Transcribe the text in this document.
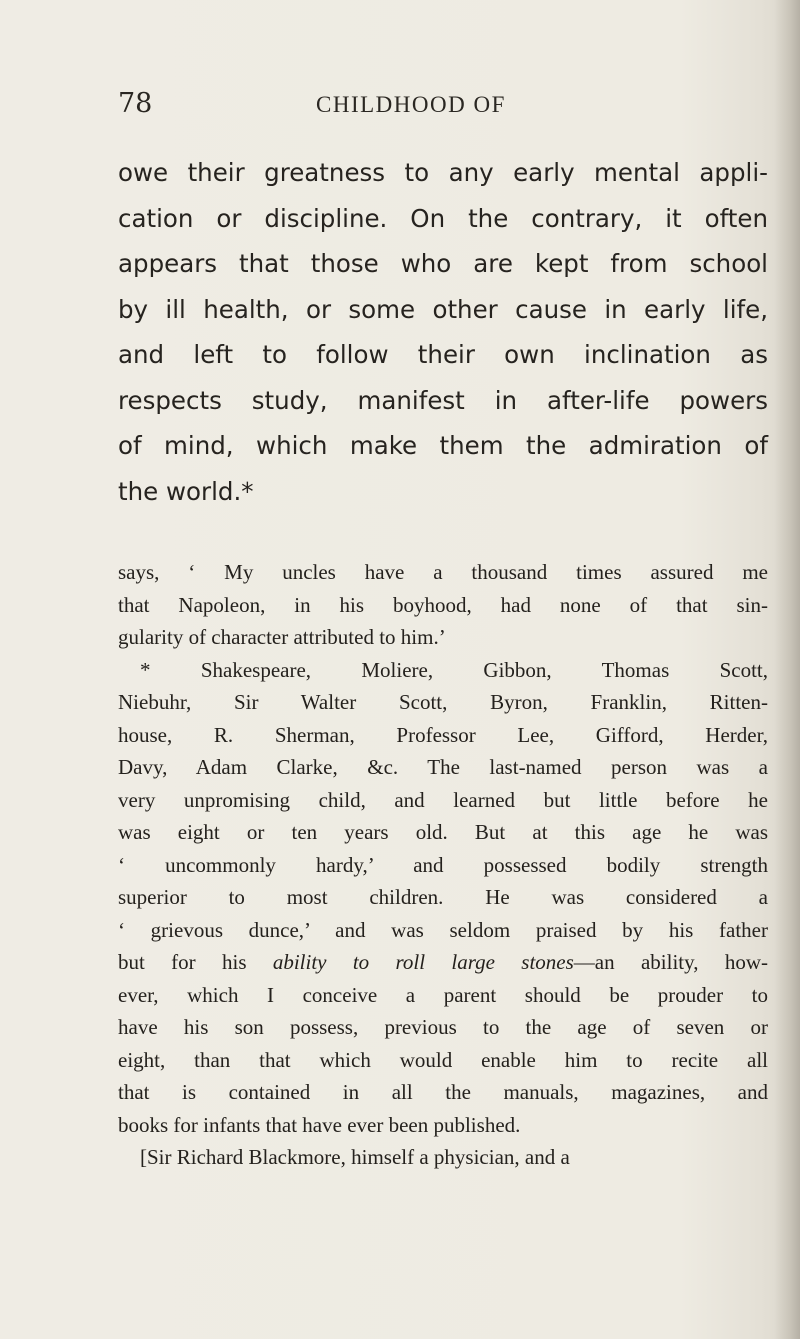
78	CHILDHOOD OF
owe their greatness to any early mental appli-
cation or discipline. On the contrary, it often
appears that those who are kept from school
by ill health, or some other cause in early life,
and left to follow their own inclination as
respects study, manifest in after-life powers
of mind, which make them the admiration of
the world.*
says, ‘ My uncles have a thousand times assured me
that Napoleon, in his boyhood, had none of that sin-
gularity of character attributed to him.’
* Shakespeare, Moliere, Gibbon, Thomas Scott,
Niebuhr, Sir Walter Scott, Byron, Franklin, Ritten-
house, R. Sherman, Professor Lee, Gifford, Herder,
Davy, Adam Clarke, &c. The last-named person was a
very unpromising child, and learned but little before he
was eight or ten years old. But at this age he was
‘ uncommonly hardy,’ and possessed bodily strength
superior to most children. He was considered a
‘ grievous dunce,’ and was seldom praised by his father
but for his ability to roll large stones—an ability, how-
ever, which I conceive a parent should be prouder to
have his son possess, previous to the age of seven or
eight, than that which would enable him to recite all
that is contained in all the manuals, magazines, and
books for infants that have ever been published.
[Sir Richard Blackmore, himself a physician, and a
